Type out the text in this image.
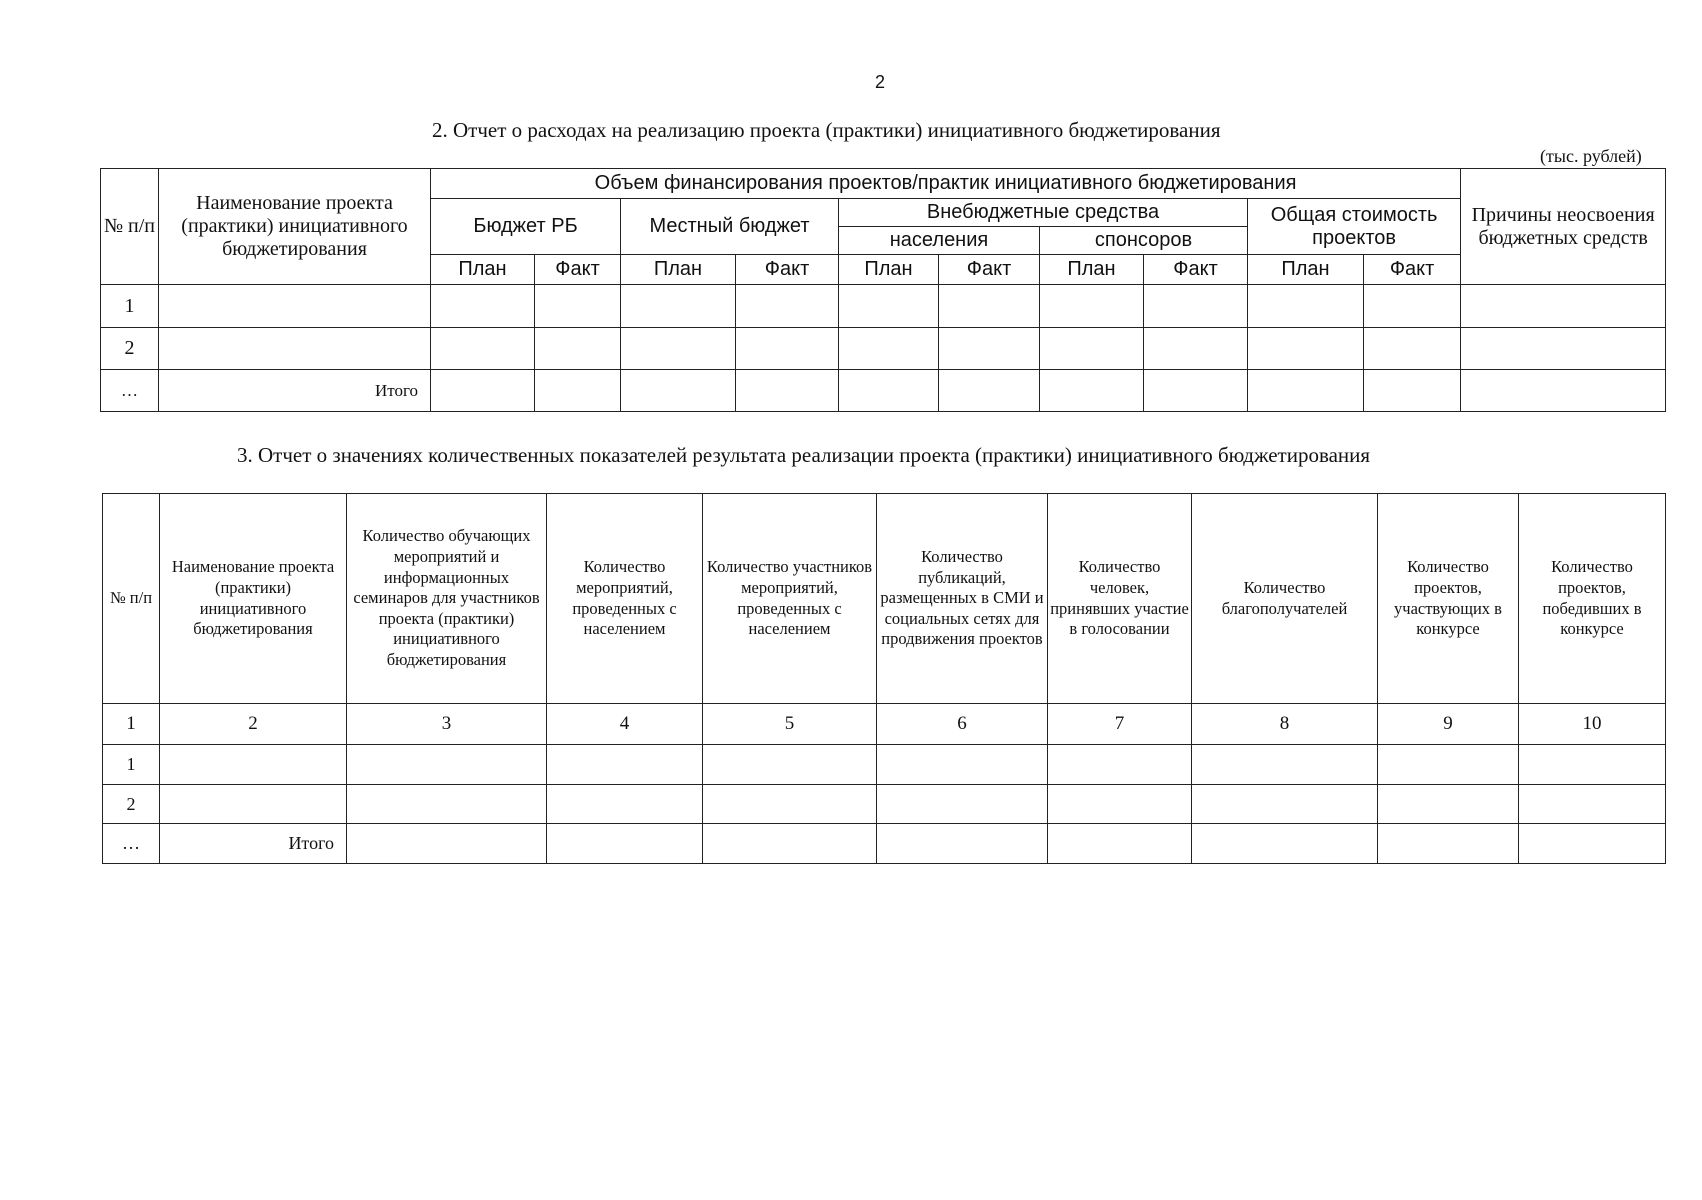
2
2. Отчет о расходах на реализацию проекта (практики) инициативного бюджетирования
(тыс. рублей)
№ п/п	Наименование проекта (практики) инициативного бюджетирования	Объем финансирования проектов/практик инициативного бюджетирования										Причины неосвоения бюджетных средств
		Бюджет РБ		Местный бюджет		Внебюджетные средства				Общая стоимость проектов		
						населения		спонсоров				
		План	Факт	План	Факт	План	Факт	План	Факт	План	Факт	
1												
2												
…	Итого											
3. Отчет о значениях количественных показателей результата реализации проекта (практики) инициативного бюджетирования
№ п/п	Наименование проекта (практики) инициативного бюджетирования	Количество обучающих мероприятий и информационных семинаров для участников проекта (практики) инициативного бюджетирования	Количество мероприятий, проведенных с населением	Количество участников мероприятий, проведенных с населением	Количество публикаций, размещенных в СМИ и социальных сетях для продвижения проектов	Количество человек, принявших участие в голосовании	Количество благополучателей	Количество проектов, участвующих в конкурсе	Количество проектов, победивших в конкурсе
1	2	3	4	5	6	7	8	9	10
1									
2									
…	Итого								
